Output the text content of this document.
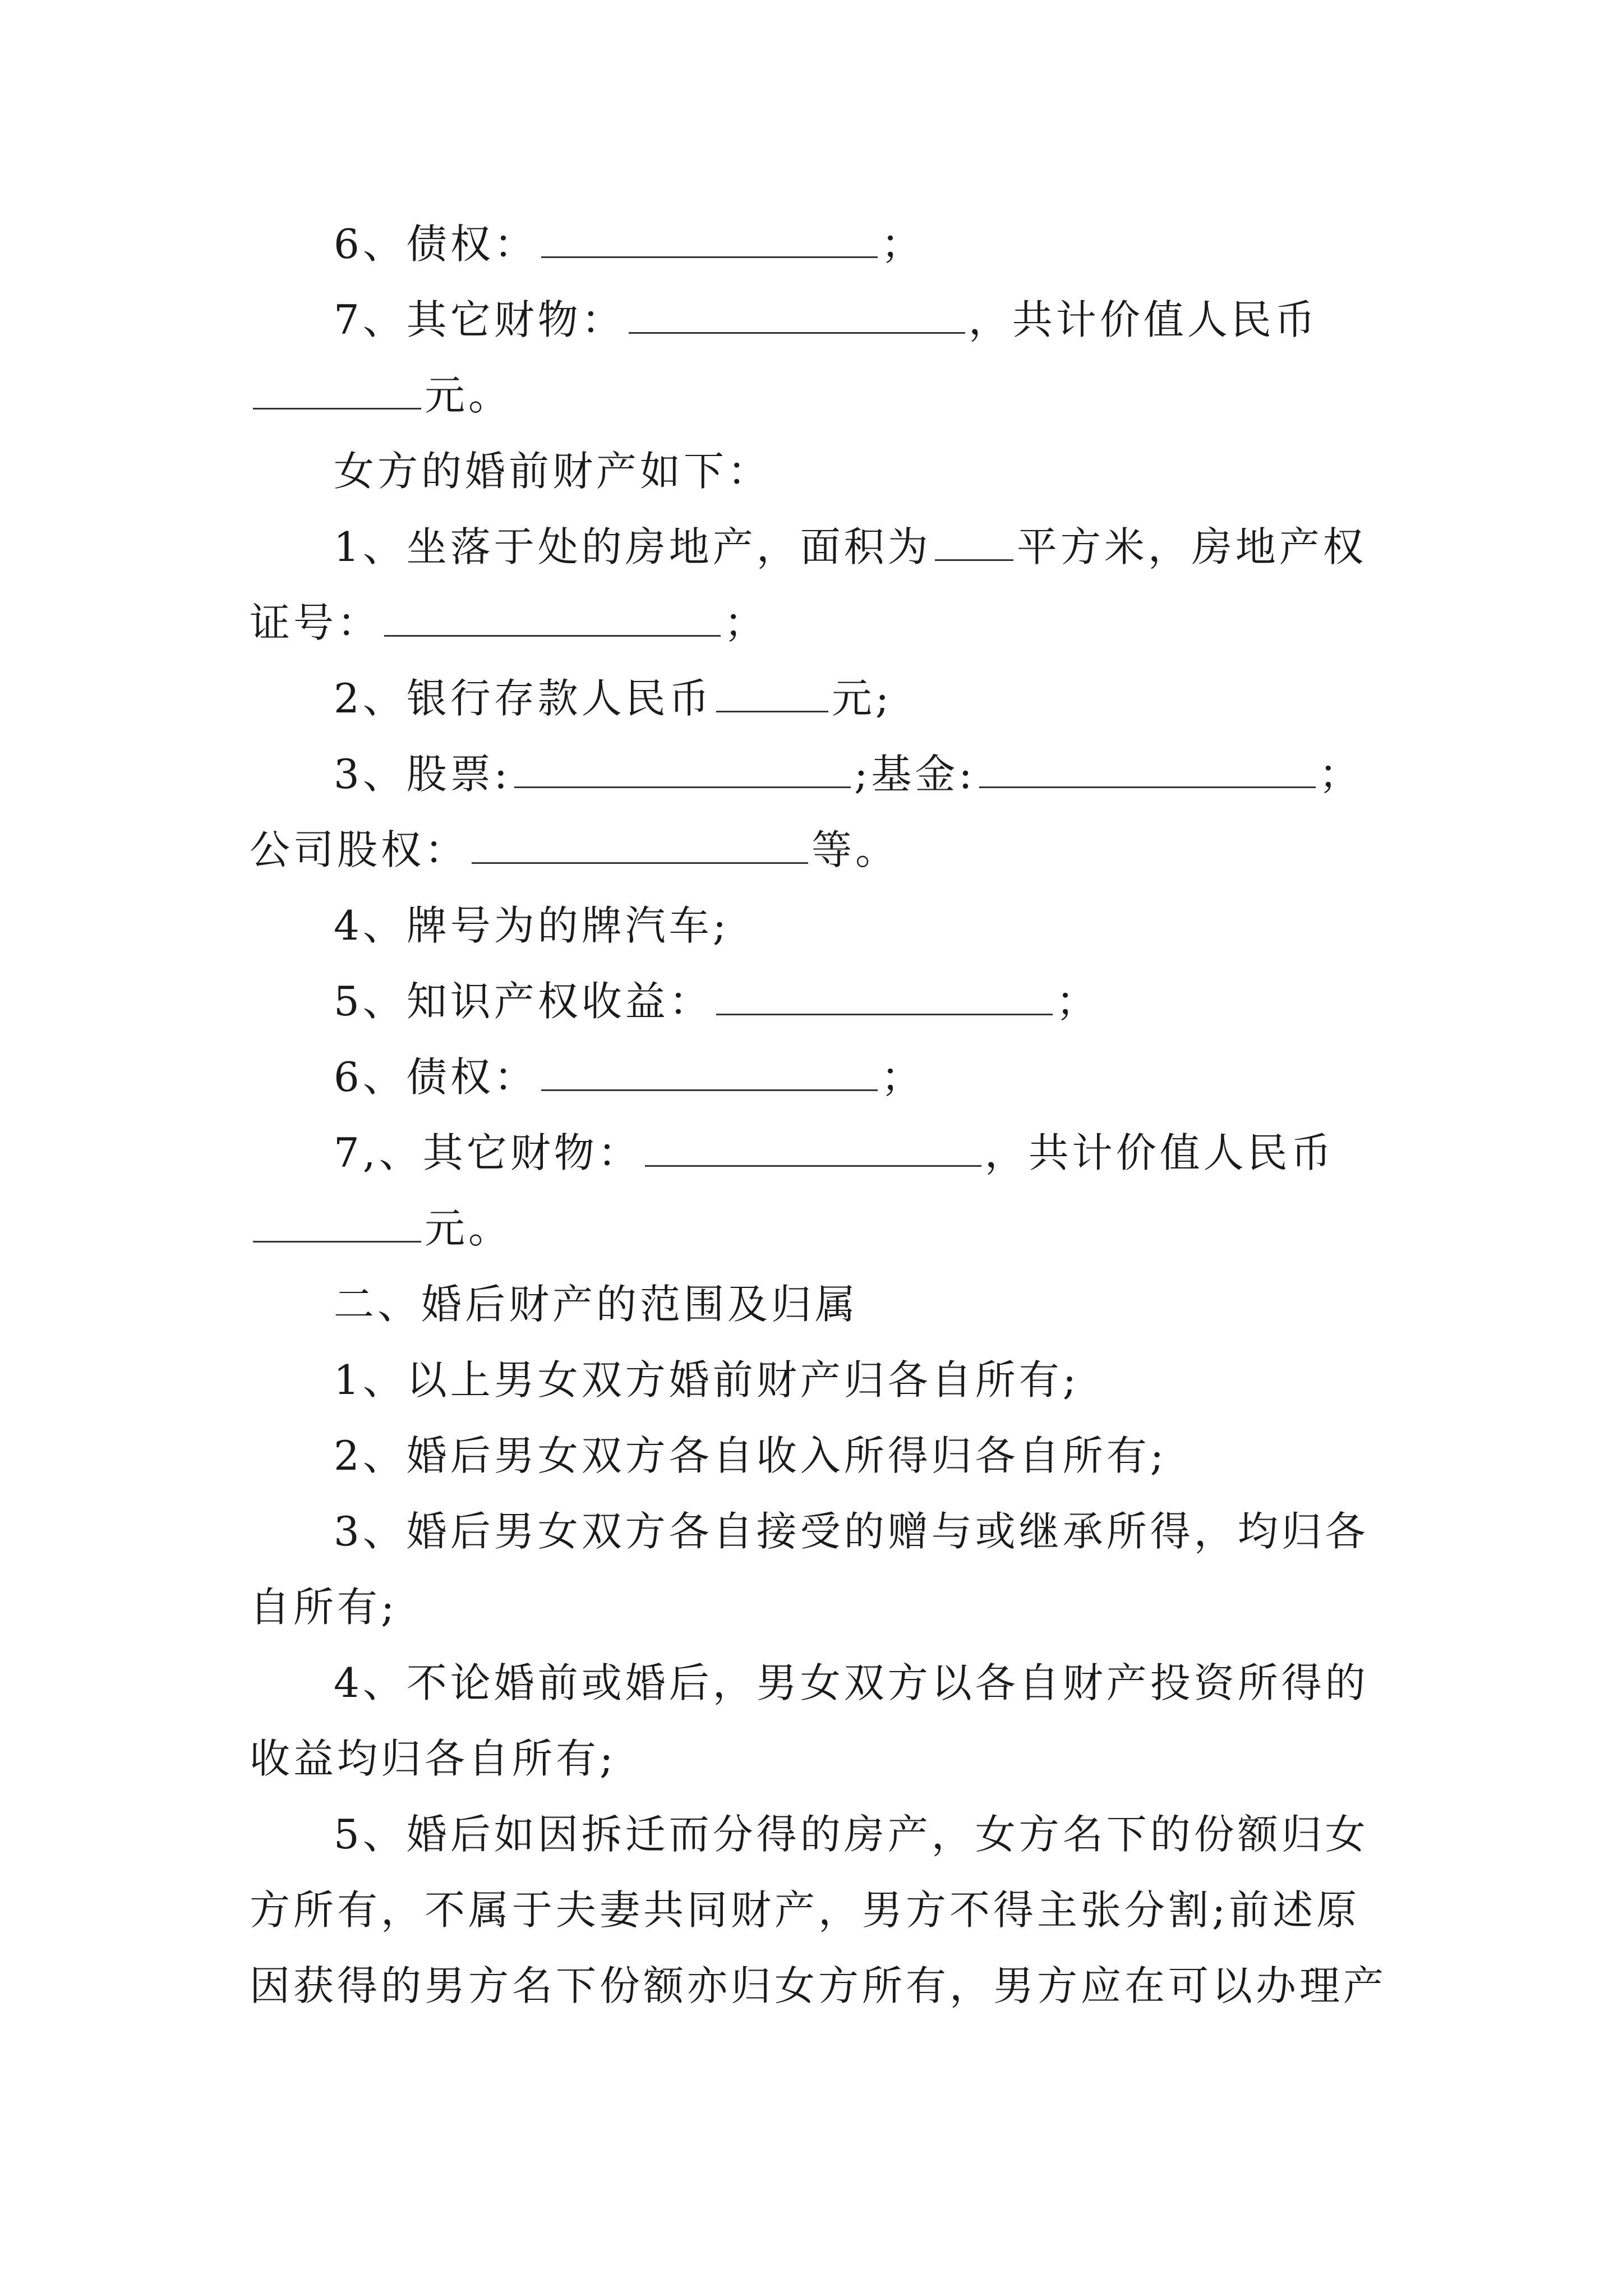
6、债权：	；
7、其它财物：	，共计价值人民币
元。
女方的婚前财产如下：
1、坐落于处的房地产，面积为 平方米，房地产权
证号：	；
2、银行存款人民币	元;
3、股票:	;基金:	；
公司股权：	等。
4、牌号为的牌汽车;
5、知识产权收益：	；
6、债权：	；
7,、其它财物：	，共计价值人民币
元。
二、婚后财产的范围及归属
1、以上男女双方婚前财产归各自所有;
2、婚后男女双方各自收入所得归各自所有;
3、婚后男女双方各自接受的赠与或继承所得，均归各
自所有;
4、不论婚前或婚后，男女双方以各自财产投资所得的
收益均归各自所有;
5、婚后如因拆迁而分得的房产，女方名下的份额归女
方所有，不属于夫妻共同财产，男方不得主张分割;前述原
因获得的男方名下份额亦归女方所有，男方应在可以办理产
